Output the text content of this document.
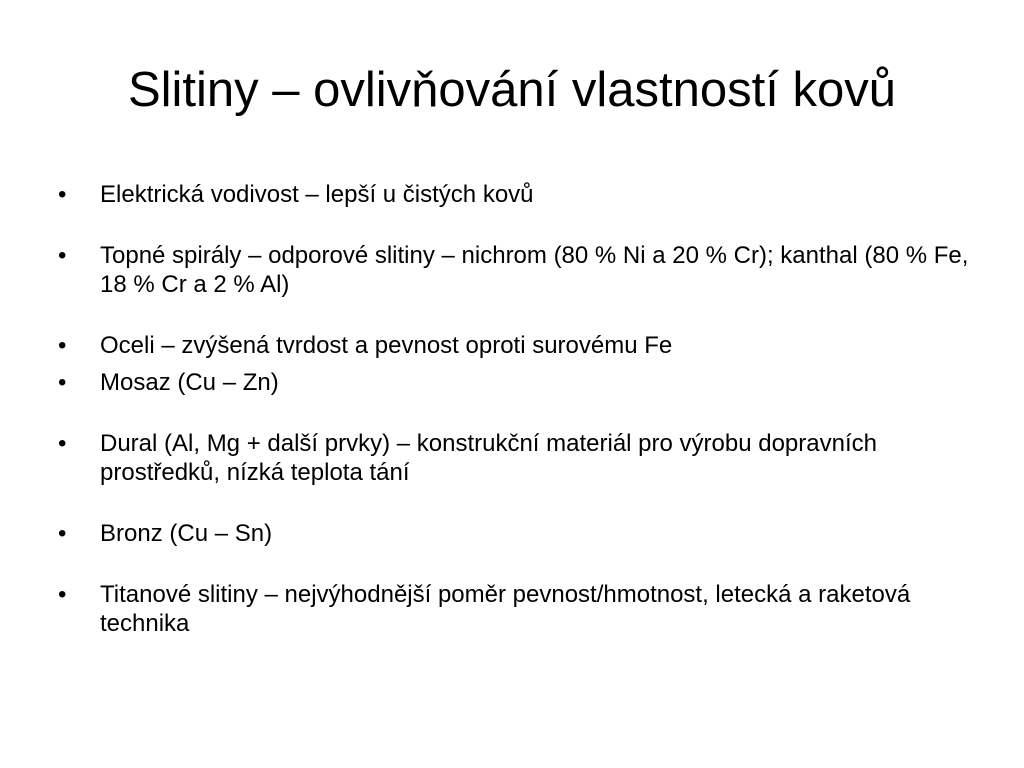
Slitiny – ovlivňování vlastností kovů
•	Elektrická vodivost – lepší u čistých kovů
•	Topné spirály – odporové slitiny – nichrom (80 % Ni a 20 % Cr); kanthal (80 % Fe, 18 % Cr a 2 % Al)
•	Oceli – zvýšená tvrdost a pevnost oproti surovému Fe
•	Mosaz (Cu – Zn)
•	Dural (Al, Mg + další prvky) – konstrukční materiál pro výrobu dopravních prostředků, nízká teplota tání
•	Bronz (Cu – Sn)
•	Titanové slitiny – nejvýhodnější poměr pevnost/hmotnost, letecká a raketová technika
